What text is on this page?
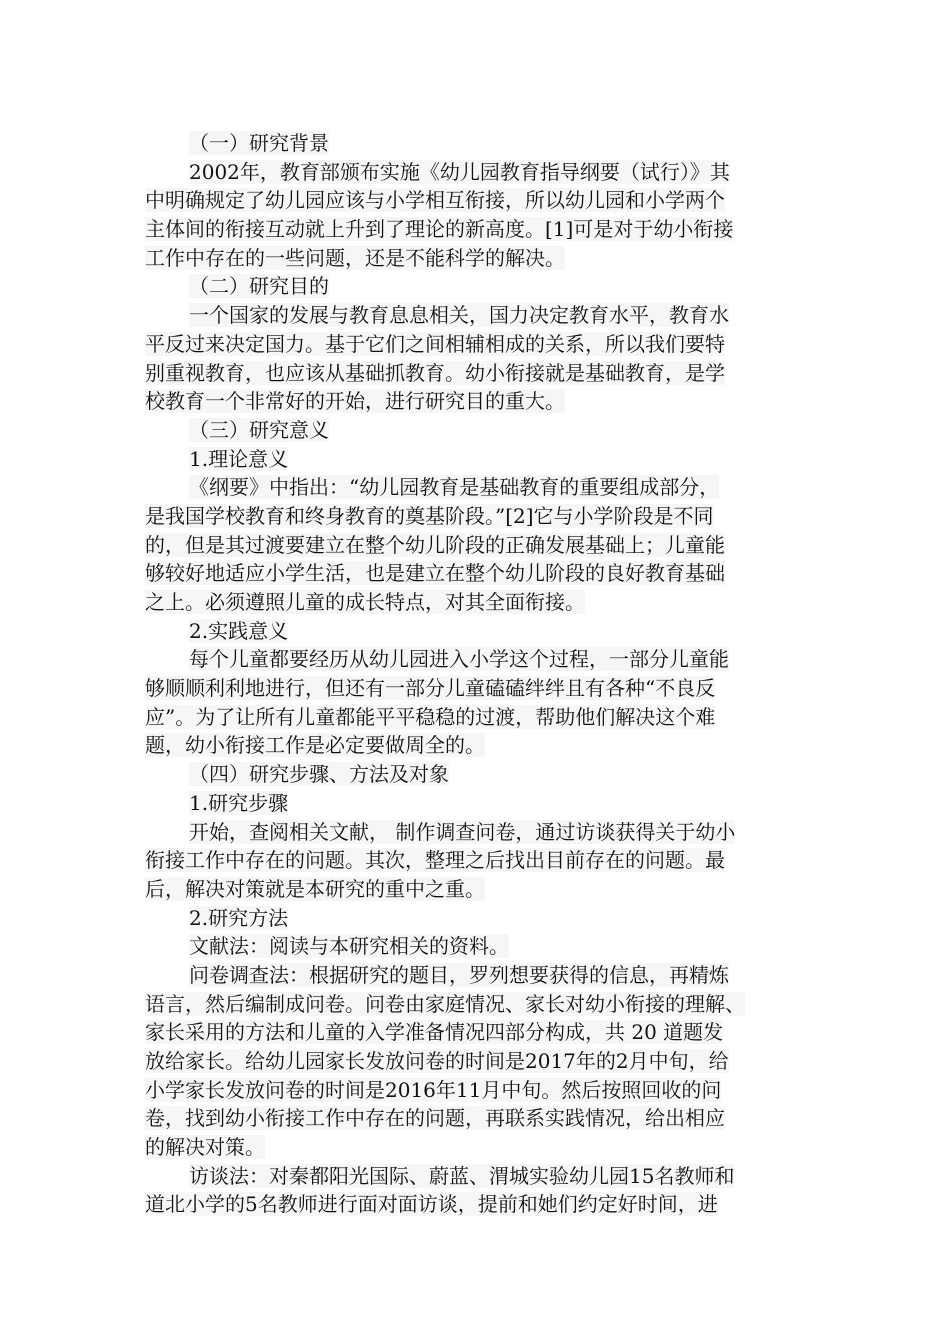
（一）研究背景
2002年，教育部颁布实施《幼儿园教育指导纲要（试行）》其
中明确规定了幼儿园应该与小学相互衔接，所以幼儿园和小学两个
主体间的衔接互动就上升到了理论的新高度。[1]可是对于幼小衔接
工作中存在的一些问题，还是不能科学的解决。
（二）研究目的
一个国家的发展与教育息息相关，国力决定教育水平，教育水
平反过来决定国力。基于它们之间相辅相成的关系，所以我们要特
别重视教育，也应该从基础抓教育。幼小衔接就是基础教育，是学
校教育一个非常好的开始，进行研究目的重大。
（三）研究意义
1.理论意义
《纲要》中指出：“幼儿园教育是基础教育的重要组成部分，
是我国学校教育和终身教育的奠基阶段。”[2]它与小学阶段是不同
的，但是其过渡要建立在整个幼儿阶段的正确发展基础上；儿童能
够较好地适应小学生活，也是建立在整个幼儿阶段的良好教育基础
之上。必须遵照儿童的成长特点，对其全面衔接。
2.实践意义
每个儿童都要经历从幼儿园进入小学这个过程，一部分儿童能
够顺顺利利地进行，但还有一部分儿童磕磕绊绊且有各种“不良反
应”。为了让所有儿童都能平平稳稳的过渡，帮助他们解决这个难
题，幼小衔接工作是必定要做周全的。
（四）研究步骤、方法及对象
1.研究步骤
开始，查阅相关文献， 制作调查问卷，通过访谈获得关于幼小
衔接工作中存在的问题。其次，整理之后找出目前存在的问题。最
后，解决对策就是本研究的重中之重。
2.研究方法
文献法：阅读与本研究相关的资料。
问卷调查法：根据研究的题目，罗列想要获得的信息，再精炼
语言，然后编制成问卷。问卷由家庭情况、家长对幼小衔接的理解、
家长采用的方法和儿童的入学准备情况四部分构成，共 20 道题发
放给家长。给幼儿园家长发放问卷的时间是2017年的2月中旬，给
小学家长发放问卷的时间是2016年11月中旬。然后按照回收的问
卷，找到幼小衔接工作中存在的问题，再联系实践情况，给出相应
的解决对策。
访谈法：对秦都阳光国际、蔚蓝、渭城实验幼儿园15名教师和
道北小学的5名教师进行面对面访谈，提前和她们约定好时间，进
